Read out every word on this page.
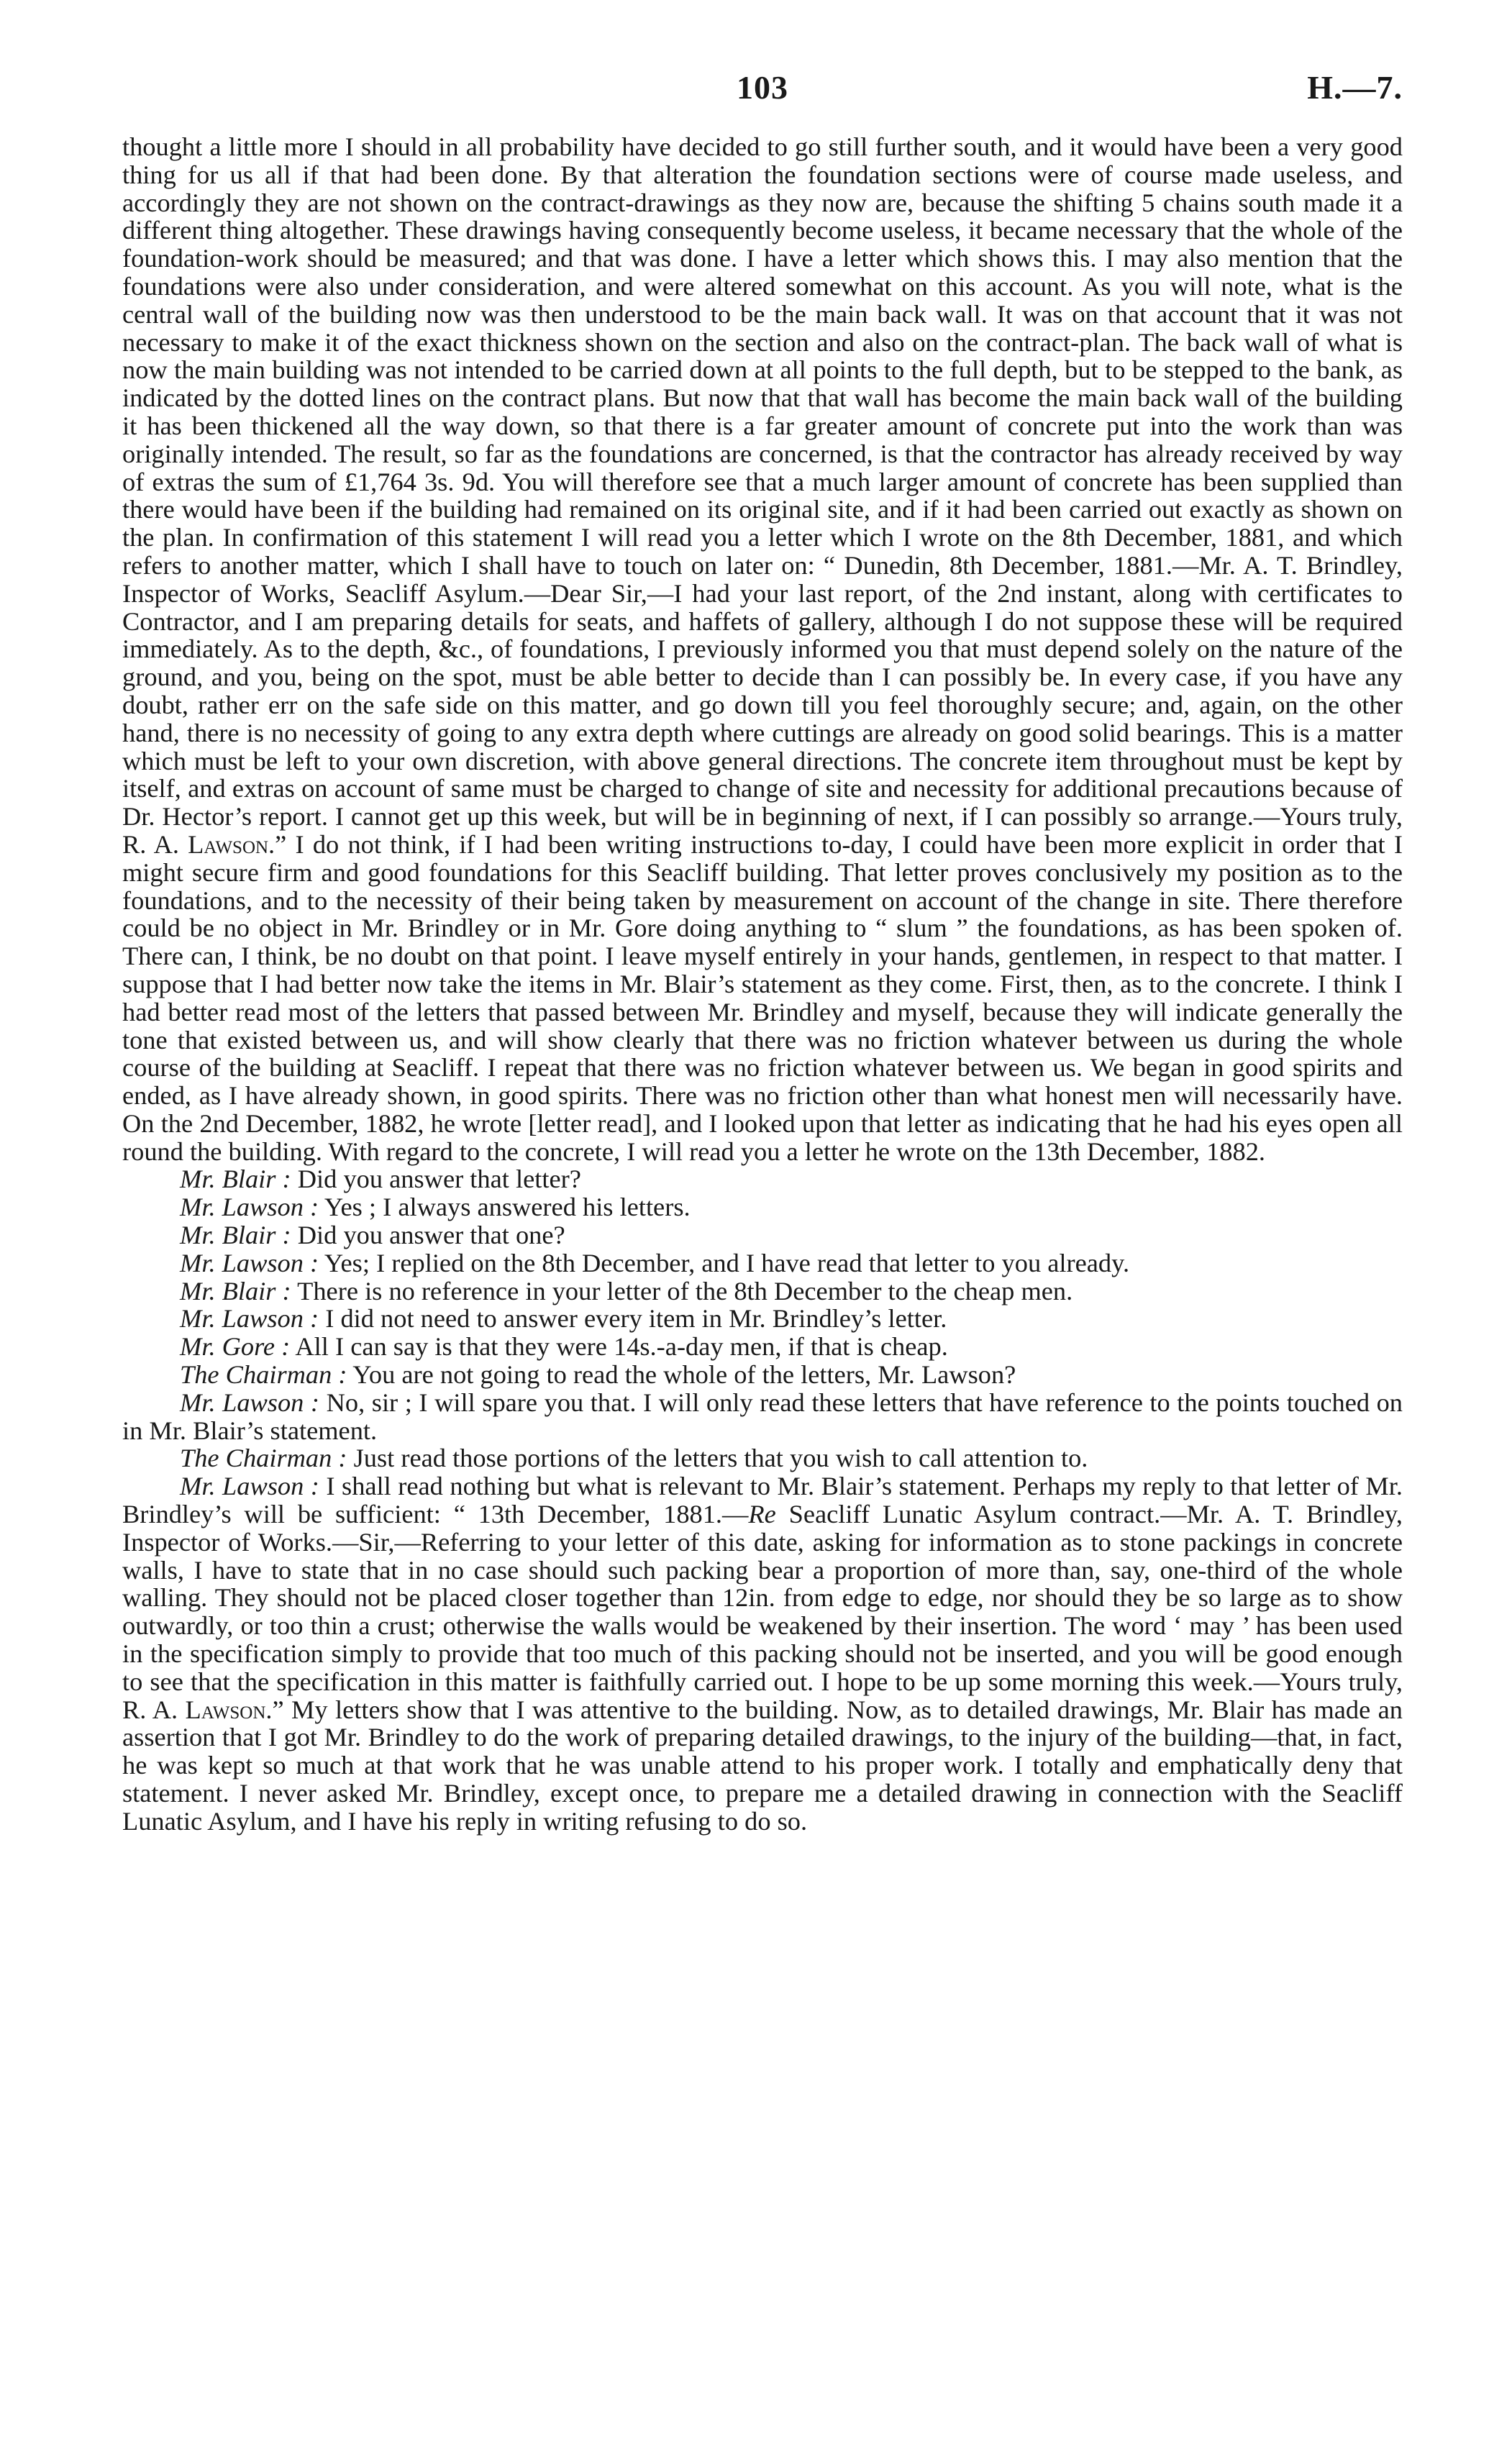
103	H.—7.

thought a little more I should in all probability have decided to go still further south, and it would have been a very good thing for us all if that had been done. By that alteration the foundation sections were of course made useless, and accordingly they are not shown on the contract-drawings as they now are, because the shifting 5 chains south made it a different thing altogether. These drawings having consequently become useless, it became necessary that the whole of the foundation-work should be measured; and that was done. I have a letter which shows this. I may also mention that the foundations were also under consideration, and were altered somewhat on this account. As you will note, what is the central wall of the building now was then understood to be the main back wall. It was on that account that it was not necessary to make it of the exact thickness shown on the section and also on the contract-plan. The back wall of what is now the main building was not intended to be carried down at all points to the full depth, but to be stepped to the bank, as indicated by the dotted lines on the contract plans. But now that that wall has become the main back wall of the building it has been thickened all the way down, so that there is a far greater amount of concrete put into the work than was originally intended. The result, so far as the foundations are concerned, is that the contractor has already received by way of extras the sum of £1,764 3s. 9d. You will therefore see that a much larger amount of concrete has been supplied than there would have been if the building had remained on its original site, and if it had been carried out exactly as shown on the plan. In confirmation of this statement I will read you a letter which I wrote on the 8th December, 1881, and which refers to another matter, which I shall have to touch on later on: “ Dunedin, 8th December, 1881.—Mr. A. T. Brindley, Inspector of Works, Seacliff Asylum.—Dear Sir,—I had your last report, of the 2nd instant, along with certificates to Contractor, and I am preparing details for seats, and haffets of gallery, although I do not suppose these will be required immediately. As to the depth, &c., of foundations, I previously informed you that must depend solely on the nature of the ground, and you, being on the spot, must be able better to decide than I can possibly be. In every case, if you have any doubt, rather err on the safe side on this matter, and go down till you feel thoroughly secure; and, again, on the other hand, there is no necessity of going to any extra depth where cuttings are already on good solid bearings. This is a matter which must be left to your own discretion, with above general directions. The concrete item throughout must be kept by itself, and extras on account of same must be charged to change of site and necessity for additional precautions because of Dr. Hector’s report. I cannot get up this week, but will be in beginning of next, if I can possibly so arrange.—Yours truly, R. A. Lawson.” I do not think, if I had been writing instructions to-day, I could have been more explicit in order that I might secure firm and good foundations for this Seacliff building. That letter proves conclusively my position as to the foundations, and to the necessity of their being taken by measurement on account of the change in site. There therefore could be no object in Mr. Brindley or in Mr. Gore doing anything to “ slum ” the foundations, as has been spoken of. There can, I think, be no doubt on that point. I leave myself entirely in your hands, gentlemen, in respect to that matter. I suppose that I had better now take the items in Mr. Blair’s statement as they come. First, then, as to the concrete. I think I had better read most of the letters that passed between Mr. Brindley and myself, because they will indicate generally the tone that existed between us, and will show clearly that there was no friction whatever between us during the whole course of the building at Seacliff. I repeat that there was no friction whatever between us. We began in good spirits and ended, as I have already shown, in good spirits. There was no friction other than what honest men will necessarily have. On the 2nd December, 1882, he wrote [letter read], and I looked upon that letter as indicating that he had his eyes open all round the building. With regard to the concrete, I will read you a letter he wrote on the 13th December, 1882.

Mr. Blair : Did you answer that letter?

Mr. Lawson : Yes ; I always answered his letters.

Mr. Blair : Did you answer that one?

Mr. Lawson : Yes; I replied on the 8th December, and I have read that letter to you already.

Mr. Blair : There is no reference in your letter of the 8th December to the cheap men.

Mr. Lawson : I did not need to answer every item in Mr. Brindley’s letter.

Mr. Gore : All I can say is that they were 14s.-a-day men, if that is cheap.

The Chairman : You are not going to read the whole of the letters, Mr. Lawson?

Mr. Lawson : No, sir ; I will spare you that. I will only read these letters that have reference to the points touched on in Mr. Blair’s statement.

The Chairman : Just read those portions of the letters that you wish to call attention to.

Mr. Lawson : I shall read nothing but what is relevant to Mr. Blair’s statement. Perhaps my reply to that letter of Mr. Brindley’s will be sufficient: “ 13th December, 1881.—Re Seacliff Lunatic Asylum contract.—Mr. A. T. Brindley, Inspector of Works.—Sir,—Referring to your letter of this date, asking for information as to stone packings in concrete walls, I have to state that in no case should such packing bear a proportion of more than, say, one-third of the whole walling. They should not be placed closer together than 12in. from edge to edge, nor should they be so large as to show outwardly, or too thin a crust; otherwise the walls would be weakened by their insertion. The word ‘ may ’ has been used in the specification simply to provide that too much of this packing should not be inserted, and you will be good enough to see that the specification in this matter is faithfully carried out. I hope to be up some morning this week.—Yours truly, R. A. Lawson.” My letters show that I was attentive to the building. Now, as to detailed drawings, Mr. Blair has made an assertion that I got Mr. Brindley to do the work of preparing detailed drawings, to the injury of the building—that, in fact, he was kept so much at that work that he was unable attend to his proper work. I totally and emphatically deny that statement. I never asked Mr. Brindley, except once, to prepare me a detailed drawing in connection with the Seacliff Lunatic Asylum, and I have his reply in writing refusing to do so.
